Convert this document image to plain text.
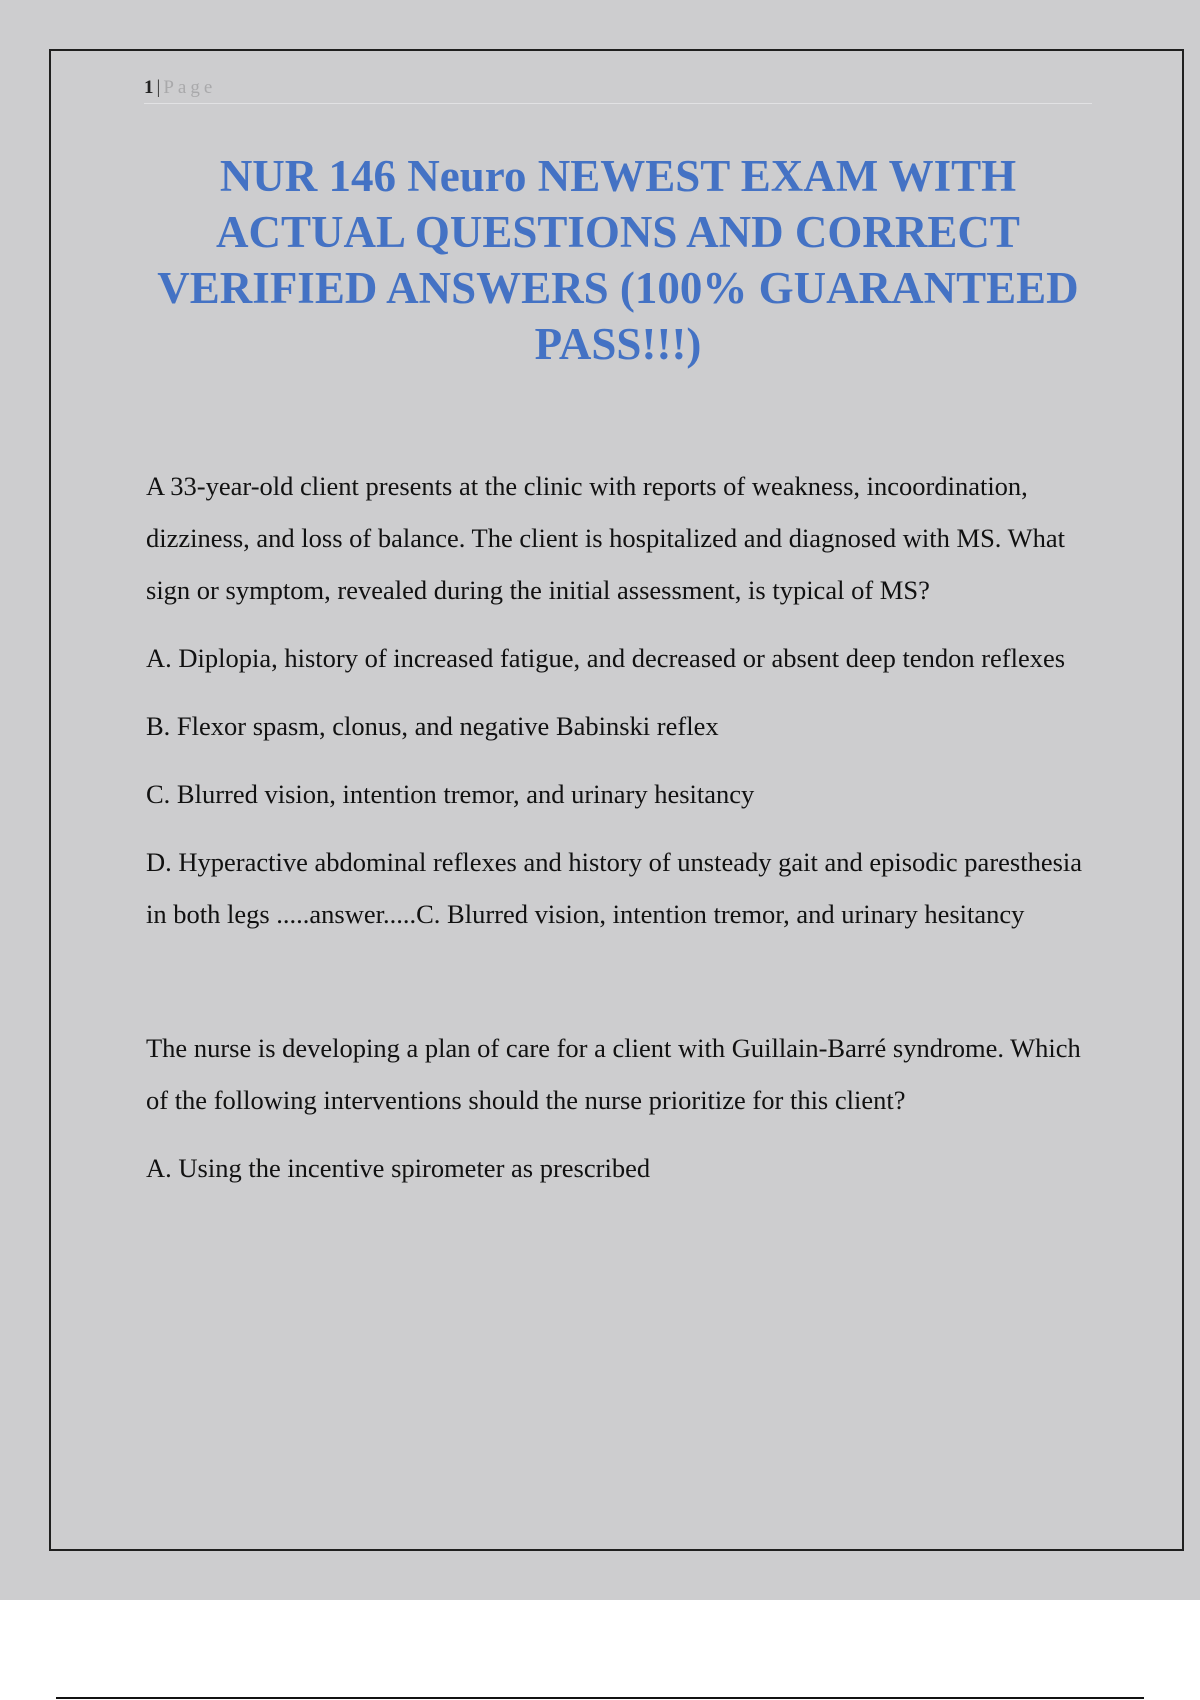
1 | Page
NUR 146 Neuro NEWEST EXAM WITH ACTUAL QUESTIONS AND CORRECT VERIFIED ANSWERS (100% GUARANTEED PASS!!!)

A 33-year-old client presents at the clinic with reports of weakness, incoordination, dizziness, and loss of balance. The client is hospitalized and diagnosed with MS. What sign or symptom, revealed during the initial assessment, is typical of MS?

A. Diplopia, history of increased fatigue, and decreased or absent deep tendon reflexes

B. Flexor spasm, clonus, and negative Babinski reflex

C. Blurred vision, intention tremor, and urinary hesitancy

D. Hyperactive abdominal reflexes and history of unsteady gait and episodic paresthesia in both legs .....answer.....C. Blurred vision, intention tremor, and urinary hesitancy

The nurse is developing a plan of care for a client with Guillain-Barré syndrome. Which of the following interventions should the nurse prioritize for this client?

A. Using the incentive spirometer as prescribed
